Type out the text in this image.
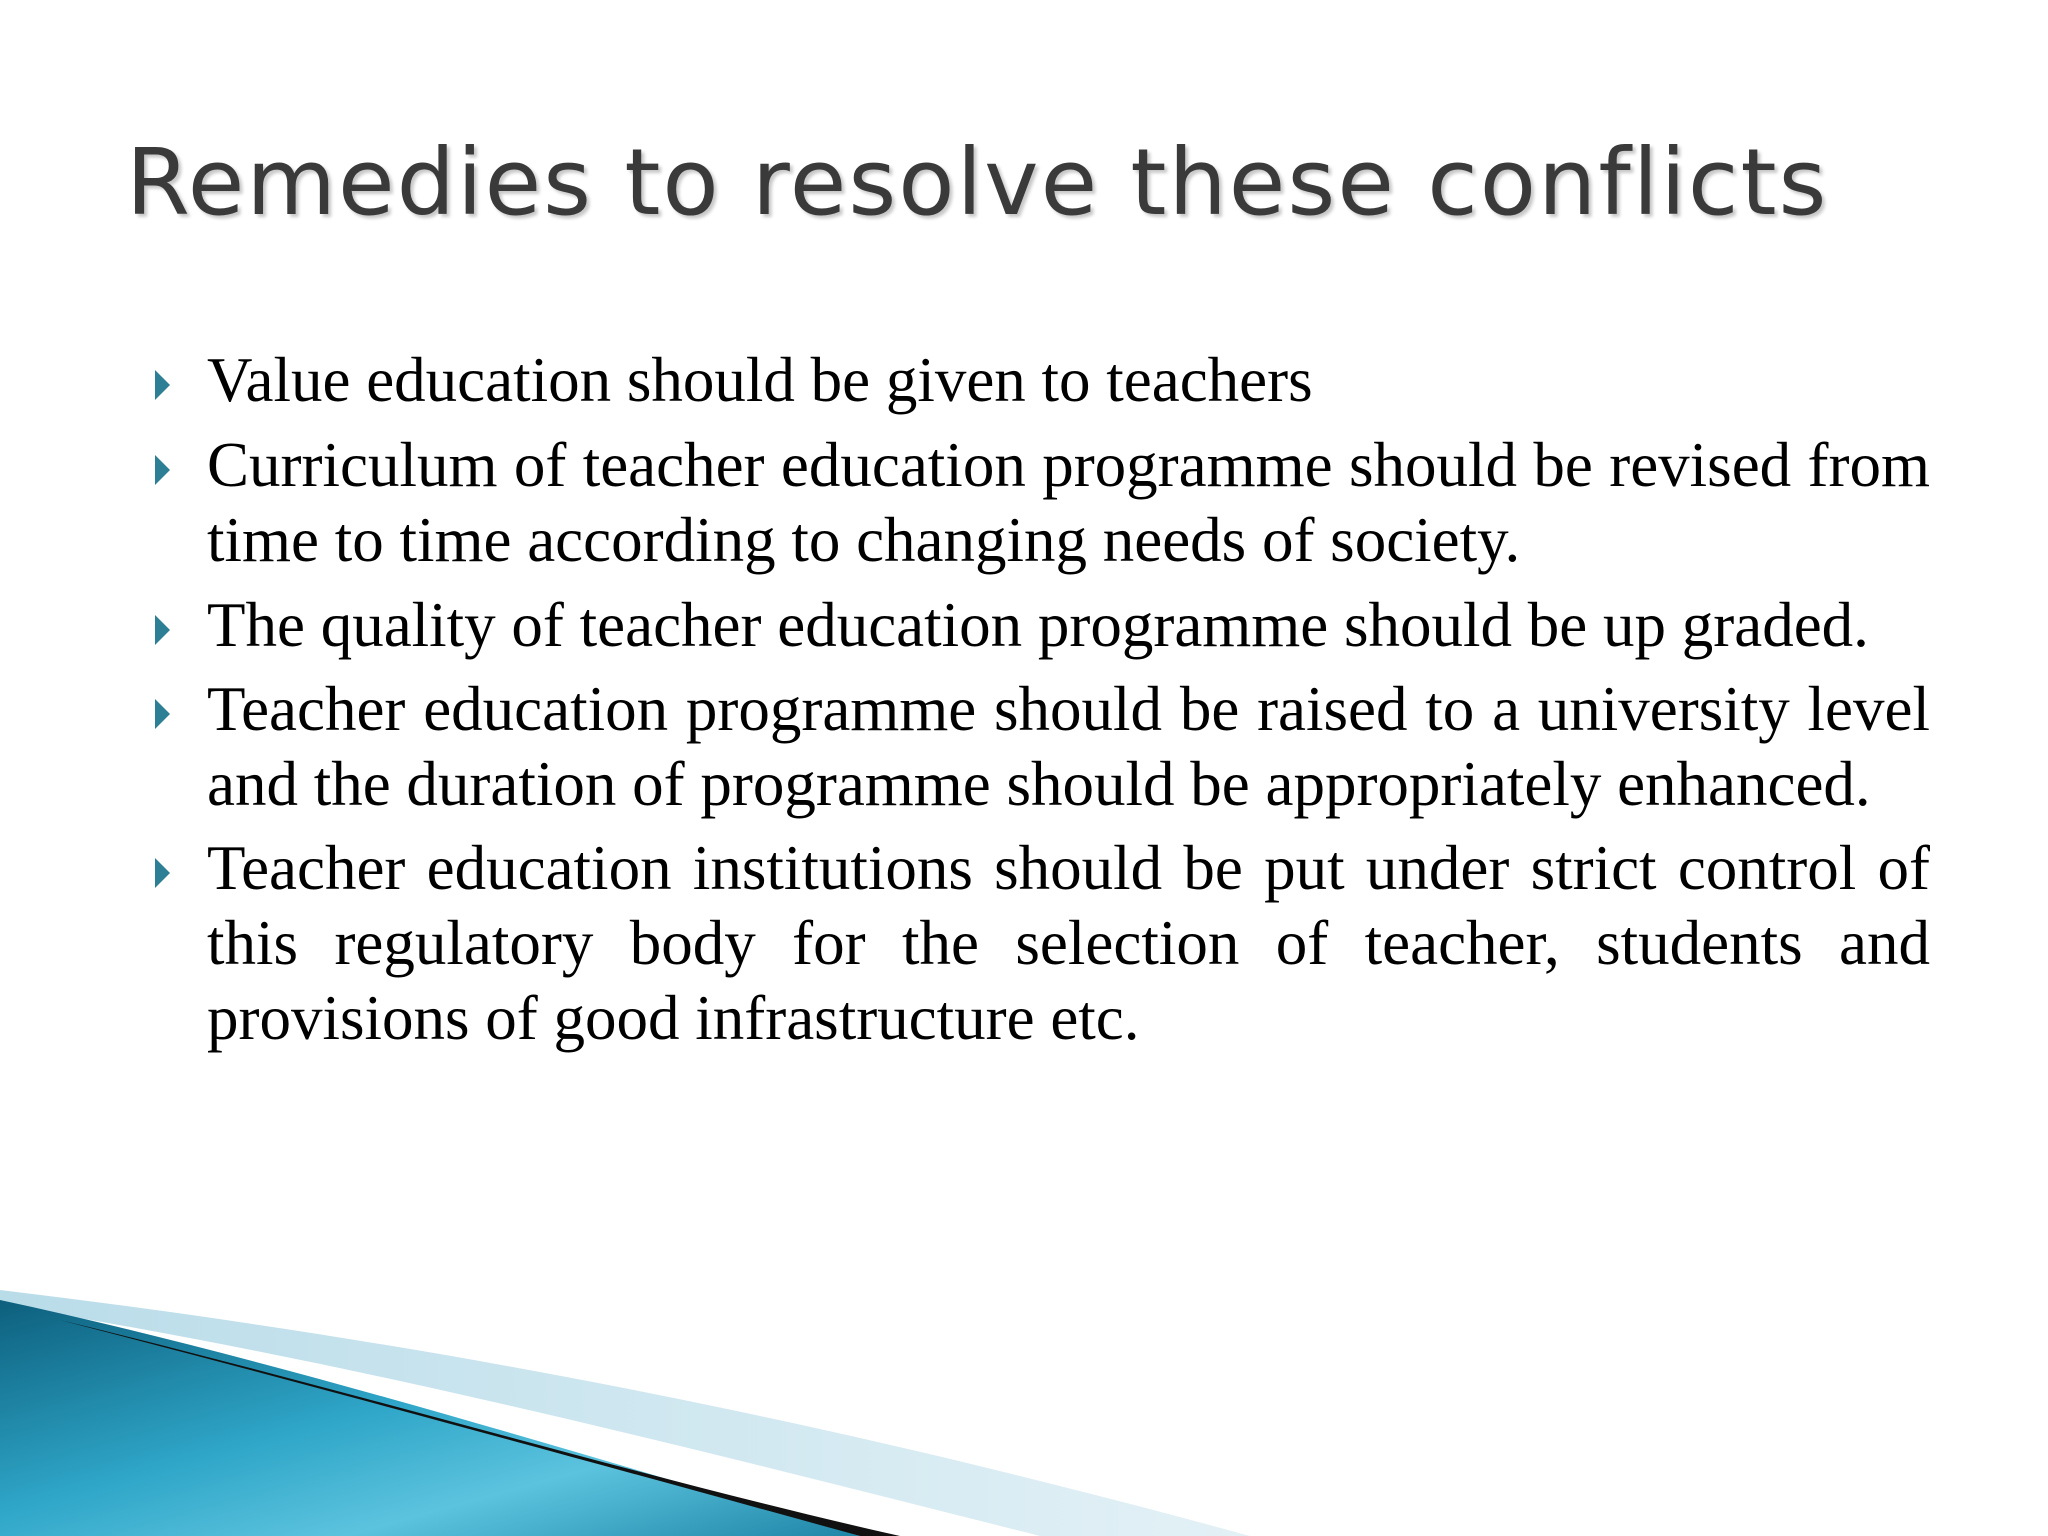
Remedies to resolve these conflicts
Value education should be given to teachers
Curriculum of teacher education programme should be revised from time to time according to changing needs of society.
The quality of teacher education programme should be up graded.
Teacher education programme should be raised to a university level and the duration of programme should be appropriately enhanced.
Teacher education institutions should be put under strict control of this regulatory body for the selection of teacher, students and provisions of good infrastructure etc.
